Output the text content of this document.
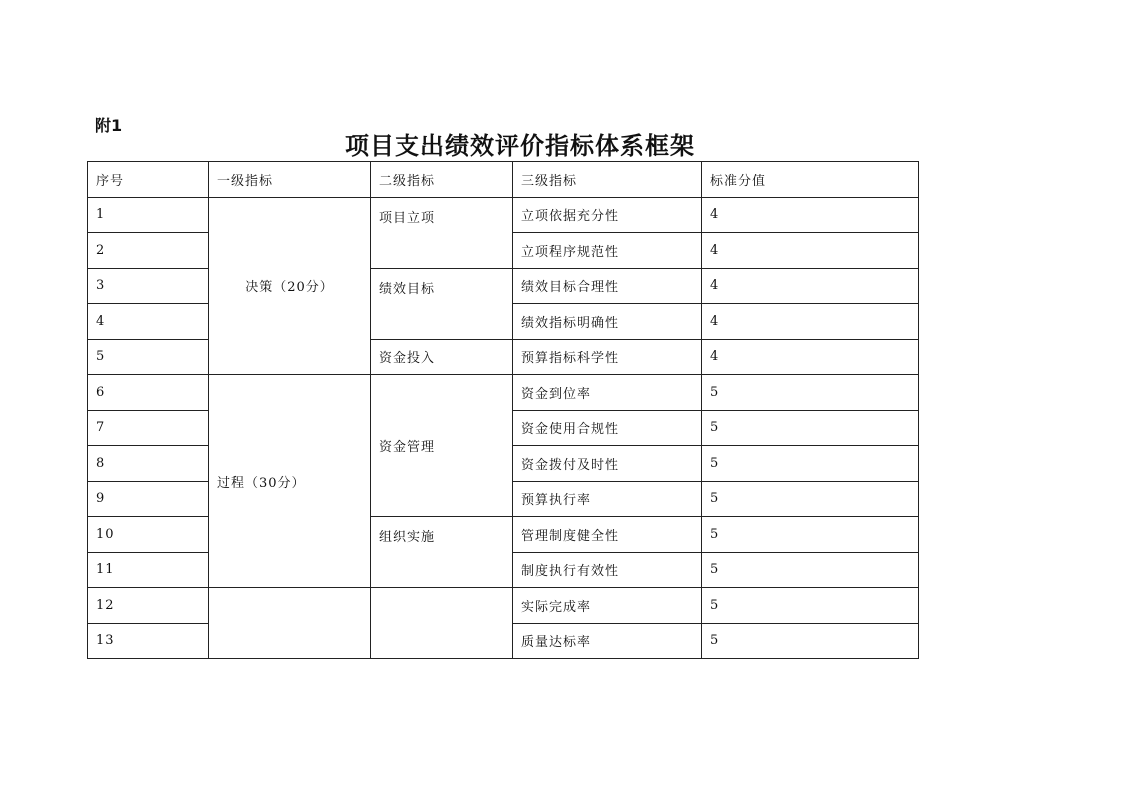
附1
项目支出绩效评价指标体系框架
序号	一级指标	二级指标	三级指标	标准分值
1	决策（20分）	项目立项	立项依据充分性	4
2			立项程序规范性	4
3		绩效目标	绩效目标合理性	4
4			绩效指标明确性	4
5		资金投入	预算指标科学性	4
6	过程（30分）	资金管理	资金到位率	5
7			资金使用合规性	5
8			资金拨付及时性	5
9			预算执行率	5
10		组织实施	管理制度健全性	5
11			制度执行有效性	5
12			实际完成率	5
13			质量达标率	5
